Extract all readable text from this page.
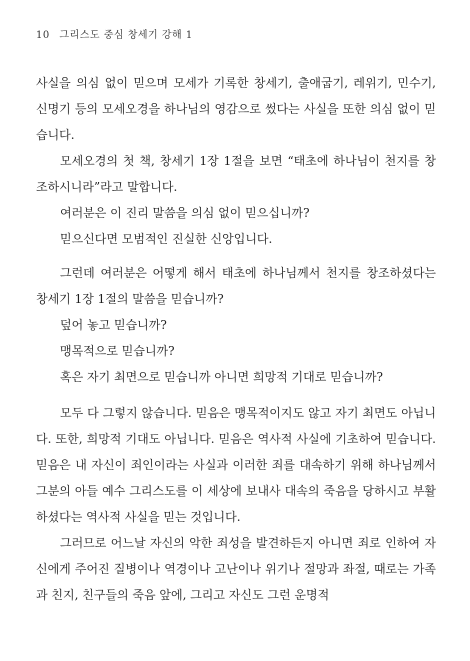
10 그리스도 중심 창세기 강해 1

사실을 의심 없이 믿으며 모세가 기록한 창세기, 출애굽기, 레위기, 민수기, 신명기 등의 모세오경을 하나님의 영감으로 썼다는 사실을 또한 의심 없이 믿습니다.

모세오경의 첫 책, 창세기 1장 1절을 보면 “태초에 하나님이 천지를 창조하시니라”라고 말합니다.

여러분은 이 진리 말씀을 의심 없이 믿으십니까?

믿으신다면 모범적인 진실한 신앙입니다.

그런데 여러분은 어떻게 해서 태초에 하나님께서 천지를 창조하셨다는 창세기 1장 1절의 말씀을 믿습니까?

덮어 놓고 믿습니까?

맹목적으로 믿습니까?

혹은 자기 최면으로 믿습니까 아니면 희망적 기대로 믿습니까?

모두 다 그렇지 않습니다. 믿음은 맹목적이지도 않고 자기 최면도 아닙니다. 또한, 희망적 기대도 아닙니다. 믿음은 역사적 사실에 기초하여 믿습니다. 믿음은 내 자신이 죄인이라는 사실과 이러한 죄를 대속하기 위해 하나님께서 그분의 아들 예수 그리스도를 이 세상에 보내사 대속의 죽음을 당하시고 부활하셨다는 역사적 사실을 믿는 것입니다.

그러므로 어느날 자신의 악한 죄성을 발견하든지 아니면 죄로 인하여 자신에게 주어진 질병이나 역경이나 고난이나 위기나 절망과 좌절, 때로는 가족과 친지, 친구들의 죽음 앞에, 그리고 자신도 그런 운명적
